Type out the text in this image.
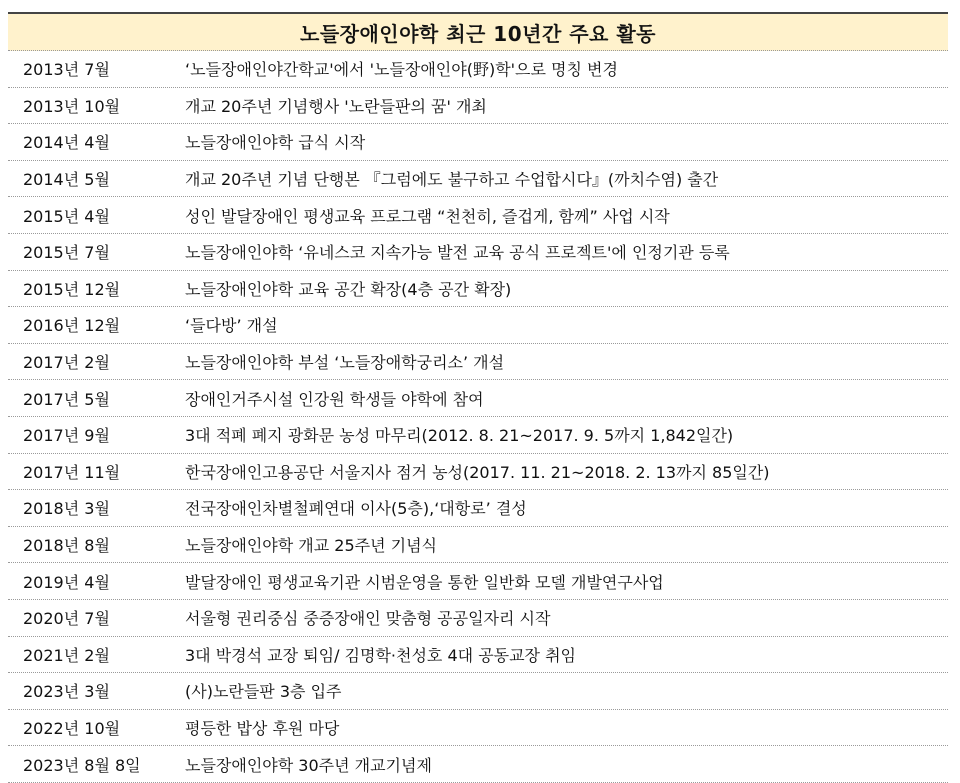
노들장애인야학 최근 10년간 주요 활동
2013년 7월	‘노들장애인야간학교'에서 '노들장애인야(野)학'으로 명칭 변경
2013년 10월	개교 20주년 기념행사 '노란들판의 꿈' 개최
2014년 4월	노들장애인야학 급식 시작
2014년 5월	개교 20주년 기념 단행본 『그럼에도 불구하고 수업합시다』(까치수염) 출간
2015년 4월	성인 발달장애인 평생교육 프로그램 “천천히, 즐겁게, 함께” 사업 시작
2015년 7월	노들장애인야학 ‘유네스코 지속가능 발전 교육 공식 프로젝트'에 인정기관 등록
2015년 12월	노들장애인야학 교육 공간 확장(4층 공간 확장)
2016년 12월	‘들다방’ 개설
2017년 2월	노들장애인야학 부설 ‘노들장애학궁리소’ 개설
2017년 5월	장애인거주시설 인강원 학생들 야학에 참여
2017년 9월	3대 적폐 폐지 광화문 농성 마무리(2012. 8. 21~2017. 9. 5까지 1,842일간)
2017년 11월	한국장애인고용공단 서울지사 점거 농성(2017. 11. 21~2018. 2. 13까지 85일간)
2018년 3월	전국장애인차별철폐연대 이사(5층),‘대항로’ 결성
2018년 8월	노들장애인야학 개교 25주년 기념식
2019년 4월	발달장애인 평생교육기관 시범운영을 통한 일반화 모델 개발연구사업
2020년 7월	서울형 권리중심 중증장애인 맞춤형 공공일자리 시작
2021년 2월	3대 박경석 교장 퇴임/ 김명학·천성호 4대 공동교장 취임
2023년 3월	(사)노란들판 3층 입주
2022년 10월	평등한 밥상 후원 마당
2023년 8월 8일	노들장애인야학 30주년 개교기념제
